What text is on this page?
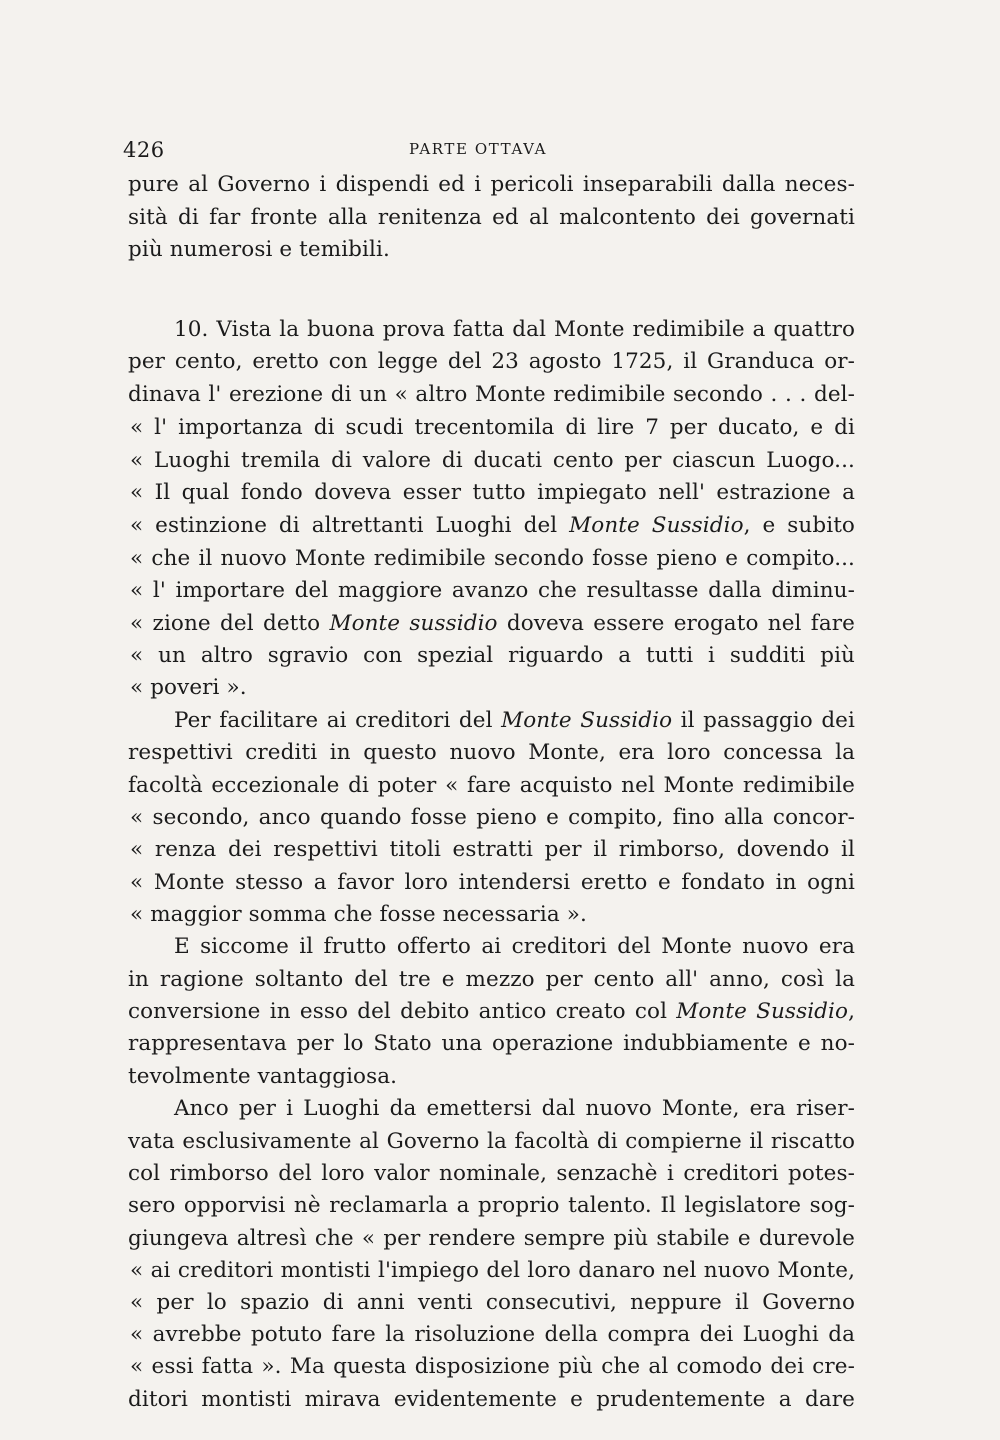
426	PARTE OTTAVA
pure al Governo i dispendi ed i pericoli inseparabili dalla neces-
sità di far fronte alla renitenza ed al malcontento dei governati
più numerosi e temibili.
10. Vista la buona prova fatta dal Monte redimibile a quattro
per cento, eretto con legge del 23 agosto 1725, il Granduca or-
dinava l' erezione di un « altro Monte redimibile secondo . . . del-
« l' importanza di scudi trecentomila di lire 7 per ducato, e di
« Luoghi tremila di valore di ducati cento per ciascun Luogo...
« Il qual fondo doveva esser tutto impiegato nell' estrazione a
« estinzione di altrettanti Luoghi del Monte Sussidio, e subito
« che il nuovo Monte redimibile secondo fosse pieno e compito...
« l' importare del maggiore avanzo che resultasse dalla diminu-
« zione del detto Monte sussidio doveva essere erogato nel fare
« un altro sgravio con spezial riguardo a tutti i sudditi più
« poveri ».
Per facilitare ai creditori del Monte Sussidio il passaggio dei
respettivi crediti in questo nuovo Monte, era loro concessa la
facoltà eccezionale di poter « fare acquisto nel Monte redimibile
« secondo, anco quando fosse pieno e compito, fino alla concor-
« renza dei respettivi titoli estratti per il rimborso, dovendo il
« Monte stesso a favor loro intendersi eretto e fondato in ogni
« maggior somma che fosse necessaria ».
E siccome il frutto offerto ai creditori del Monte nuovo era
in ragione soltanto del tre e mezzo per cento all' anno, così la
conversione in esso del debito antico creato col Monte Sussidio,
rappresentava per lo Stato una operazione indubbiamente e no-
tevolmente vantaggiosa.
Anco per i Luoghi da emettersi dal nuovo Monte, era riser-
vata esclusivamente al Governo la facoltà di compierne il riscatto
col rimborso del loro valor nominale, senzachè i creditori potes-
sero opporvisi nè reclamarla a proprio talento. Il legislatore sog-
giungeva altresì che « per rendere sempre più stabile e durevole
« ai creditori montisti l'impiego del loro danaro nel nuovo Monte,
« per lo spazio di anni venti consecutivi, neppure il Governo
« avrebbe potuto fare la risoluzione della compra dei Luoghi da
« essi fatta ». Ma questa disposizione più che al comodo dei cre-
ditori montisti mirava evidentemente e prudentemente a dare
